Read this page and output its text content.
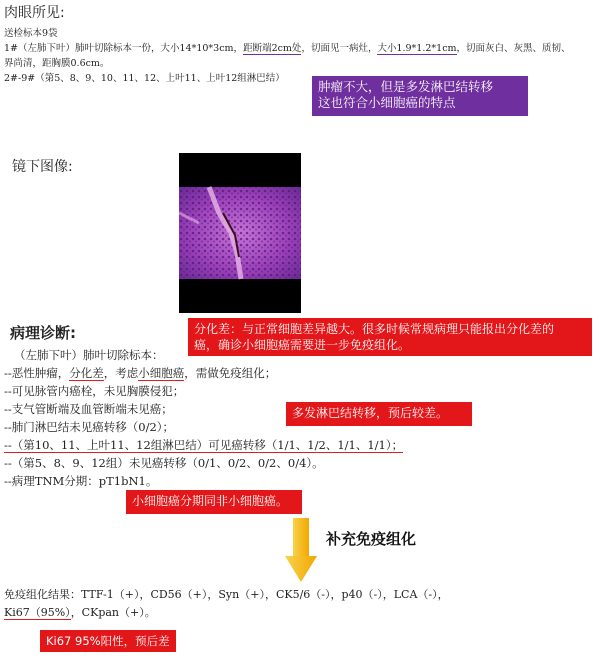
肉眼所见:
送检标本9袋
1#（左肺下叶）肺叶切除标本一份，大小14*10*3cm，距断端2cm处，切面见一病灶，大小1.9*1.2*1cm，切面灰白、灰黑、质韧、
界尚清，距胸膜0.6cm。
2#-9#（第5、8、9、10、11、12、上叶11、上叶12组淋巴结）
肿瘤不大，但是多发淋巴结转移
这也符合小细胞癌的特点
镜下图像:
病理诊断:	分化差：与正常细胞差异越大。很多时候常规病理只能报出分化差的
癌，确诊小细胞癌需要进一步免疫组化。
（左肺下叶）肺叶切除标本：
--恶性肿瘤，分化差，考虑小细胞癌，需做免疫组化；
--可见脉管内癌栓，未见胸膜侵犯；
--支气管断端及血管断端未见癌；
--肺门淋巴结未见癌转移（0/2）；
多发淋巴结转移，预后较差。
--（第10、11、上叶11、12组淋巴结）可见癌转移（1/1、1/2、1/1、1/1）；
--（第5、8、9、12组）未见癌转移（0/1、0/2、0/2、0/4）。
--病理TNM分期：pT1bN1。
小细胞癌分期同非小细胞癌。
补充免疫组化
免疫组化结果：TTF-1（+），CD56（+），Syn（+），CK5/6（-），p40（-），LCA（-），
Ki67（95%），CKpan（+）。
Ki67 95%阳性，预后差
